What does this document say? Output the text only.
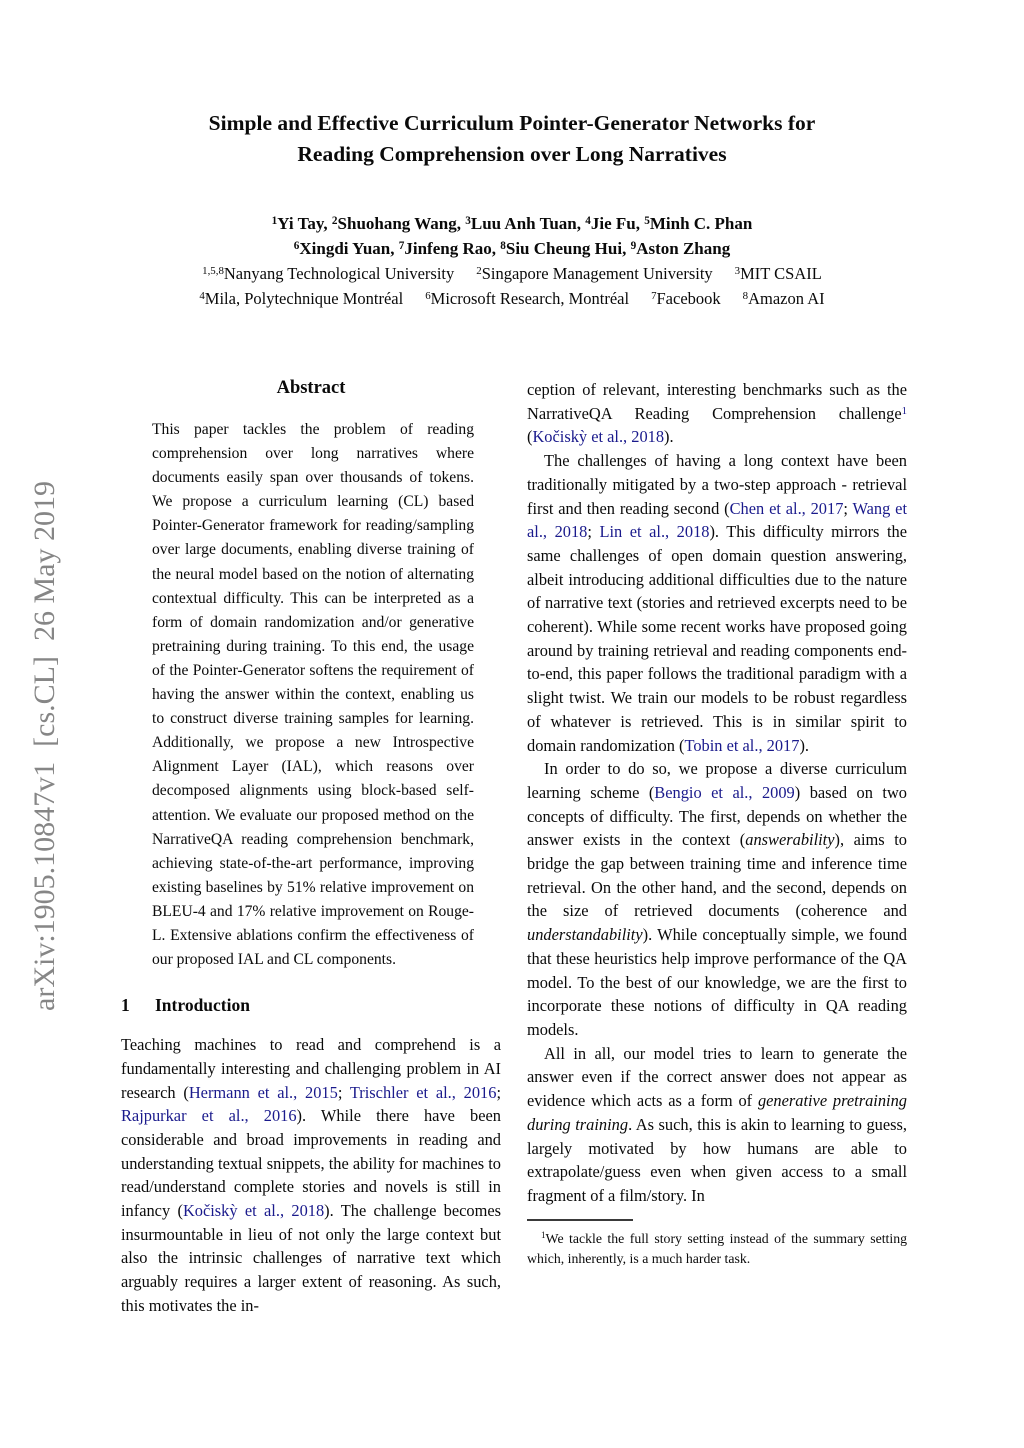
arXiv:1905.10847v1  [cs.CL]  26 May 2019
Simple and Effective Curriculum Pointer-Generator Networks for
Reading Comprehension over Long Narratives
$^1$Yi Tay, $^2$Shuohang Wang, $^3$Luu Anh Tuan, $^4$Jie Fu, $^5$Minh C. Phan
$^6$Xingdi Yuan, $^7$Jinfeng Rao, $^8$Siu Cheung Hui, $^9$Aston Zhang
$^{1,5,8}$Nanyang Technological University $^2$Singapore Management University $^3$MIT CSAIL
$^4$Mila, Polytechnique Montréal $^6$Microsoft Research, Montréal $^7$Facebook $^8$Amazon AI
Abstract
This paper tackles the problem of reading comprehension over long narratives where documents easily span over thousands of tokens. We propose a curriculum learning (CL) based Pointer-Generator framework for reading/sampling over large documents, enabling diverse training of the neural model based on the notion of alternating contextual difficulty. This can be interpreted as a form of domain randomization and/or generative pretraining during training. To this end, the usage of the Pointer-Generator softens the requirement of having the answer within the context, enabling us to construct diverse training samples for learning. Additionally, we propose a new Introspective Alignment Layer (IAL), which reasons over decomposed alignments using block-based self-attention. We evaluate our proposed method on the NarrativeQA reading comprehension benchmark, achieving state-of-the-art performance, improving existing baselines by 51% relative improvement on BLEU-4 and 17% relative improvement on Rouge-L. Extensive ablations confirm the effectiveness of our proposed IAL and CL components.
1 Introduction

Teaching machines to read and comprehend is a fundamentally interesting and challenging problem in AI research (Hermann et al., 2015; Trischler et al., 2016; Rajpurkar et al., 2016). While there have been considerable and broad improvements in reading and understanding textual snippets, the ability for machines to read/understand complete stories and novels is still in infancy (Kočiskỳ et al., 2018). The challenge becomes insurmountable in lieu of not only the large context but also the intrinsic challenges of narrative text which arguably requires a larger extent of reasoning. As such, this motivates the in-

ception of relevant, interesting benchmarks such as the NarrativeQA Reading Comprehension challenge$^1$ (Kočiskỳ et al., 2018).

The challenges of having a long context have been traditionally mitigated by a two-step approach - retrieval first and then reading second (Chen et al., 2017; Wang et al., 2018; Lin et al., 2018). This difficulty mirrors the same challenges of open domain question answering, albeit introducing additional difficulties due to the nature of narrative text (stories and retrieved excerpts need to be coherent). While some recent works have proposed going around by training retrieval and reading components end-to-end, this paper follows the traditional paradigm with a slight twist. We train our models to be robust regardless of whatever is retrieved. This is in similar spirit to domain randomization (Tobin et al., 2017).

In order to do so, we propose a diverse curriculum learning scheme (Bengio et al., 2009) based on two concepts of difficulty. The first, depends on whether the answer exists in the context (answerability), aims to bridge the gap between training time and inference time retrieval. On the other hand, and the second, depends on the size of retrieved documents (coherence and understandability). While conceptually simple, we found that these heuristics help improve performance of the QA model. To the best of our knowledge, we are the first to incorporate these notions of difficulty in QA reading models.

All in all, our model tries to learn to generate the answer even if the correct answer does not appear as evidence which acts as a form of generative pretraining during training. As such, this is akin to learning to guess, largely motivated by how humans are able to extrapolate/guess even when given access to a small fragment of a film/story. In

$^1$We tackle the full story setting instead of the summary setting which, inherently, is a much harder task.
